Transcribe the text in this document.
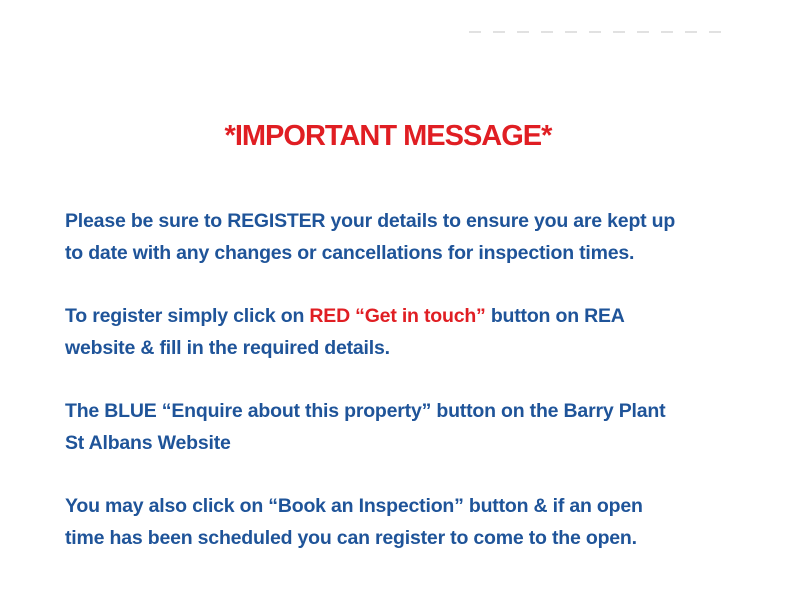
*IMPORTANT MESSAGE*

Please be sure to REGISTER your details to ensure you are kept up
to date with any changes or cancellations for inspection times.

To register simply click on RED “Get in touch” button on REA
website & fill in the required details.

The BLUE “Enquire about this property” button on the Barry Plant
St Albans Website

You may also click on “Book an Inspection” button & if an open
time has been scheduled you can register to come to the open.
